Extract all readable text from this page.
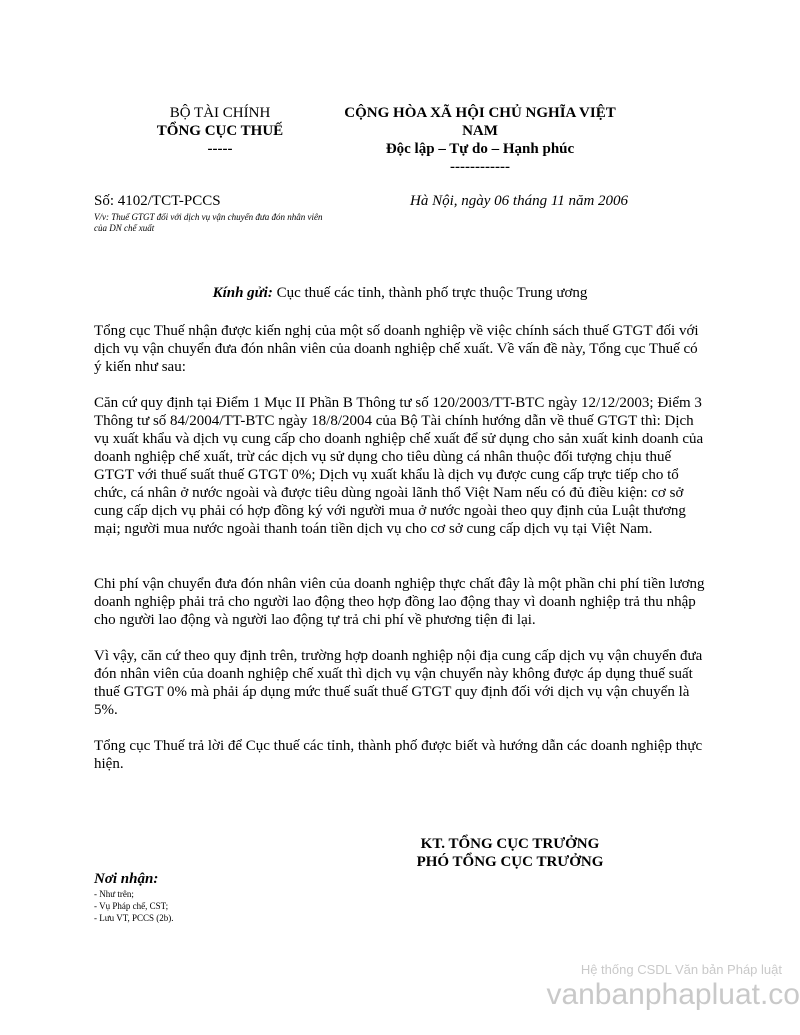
BỘ TÀI CHÍNH
TỔNG CỤC THUẾ
-----
CỘNG HÒA XÃ HỘI CHỦ NGHĨA VIỆT NAM
Độc lập – Tự do – Hạnh phúc
------------
Số: 4102/TCT-PCCS	Hà Nội, ngày 06 tháng 11 năm 2006
V/v: Thuế GTGT đối với dịch vụ vận chuyển đưa đón nhân viên của DN chế xuất
Kính gửi: Cục thuế các tỉnh, thành phố trực thuộc Trung ương

Tổng cục Thuế nhận được kiến nghị của một số doanh nghiệp về việc chính sách thuế GTGT đối với dịch vụ vận chuyển đưa đón nhân viên của doanh nghiệp chế xuất. Về vấn đề này, Tổng cục Thuế có ý kiến như sau:

Căn cứ quy định tại Điểm 1 Mục II Phần B Thông tư số 120/2003/TT-BTC ngày 12/12/2003; Điểm 3 Thông tư số 84/2004/TT-BTC ngày 18/8/2004 của Bộ Tài chính hướng dẫn về thuế GTGT thì: Dịch vụ xuất khẩu và dịch vụ cung cấp cho doanh nghiệp chế xuất để sử dụng cho sản xuất kinh doanh của doanh nghiệp chế xuất, trừ các dịch vụ sử dụng cho tiêu dùng cá nhân thuộc đối tượng chịu thuế GTGT với thuế suất thuế GTGT 0%; Dịch vụ xuất khẩu là dịch vụ được cung cấp trực tiếp cho tổ chức, cá nhân ở nước ngoài và được tiêu dùng ngoài lãnh thổ Việt Nam nếu có đủ điều kiện: cơ sở cung cấp dịch vụ phải có hợp đồng ký với người mua ở nước ngoài theo quy định của Luật thương mại; người mua nước ngoài thanh toán tiền dịch vụ cho cơ sở cung cấp dịch vụ tại Việt Nam.

Chi phí vận chuyển đưa đón nhân viên của doanh nghiệp thực chất đây là một phần chi phí tiền lương doanh nghiệp phải trả cho người lao động theo hợp đồng lao động thay vì doanh nghiệp trả thu nhập cho người lao động và người lao động tự trả chi phí về phương tiện đi lại.

Vì vậy, căn cứ theo quy định trên, trường hợp doanh nghiệp nội địa cung cấp dịch vụ vận chuyển đưa đón nhân viên của doanh nghiệp chế xuất thì dịch vụ vận chuyển này không được áp dụng thuế suất thuế GTGT 0% mà phải áp dụng mức thuế suất thuế GTGT quy định đối với dịch vụ vận chuyển là 5%.

Tổng cục Thuế trả lời để Cục thuế các tỉnh, thành phố được biết và hướng dẫn các doanh nghiệp thực hiện.

KT. TỔNG CỤC TRƯỞNG
PHÓ TỔNG CỤC TRƯỞNG
Nơi nhận:
- Như trên;
- Vụ Pháp chế, CST;
- Lưu VT, PCCS (2b).
Hệ thống CSDL Văn bản Pháp luật
vanbanphapluat.co
